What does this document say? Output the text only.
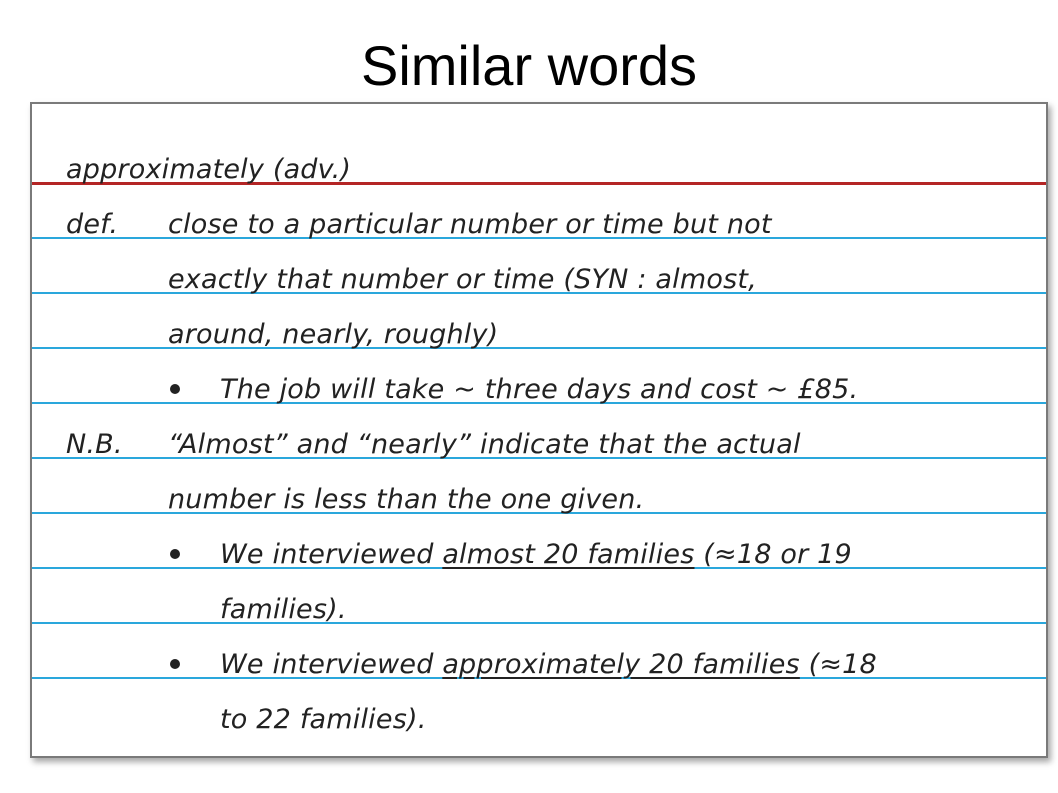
Similar words
approximately (adv.)
def. close to a particular number or time but not
exactly that number or time (SYN : almost,
around, nearly, roughly)
The job will take ~ three days and cost ~ £85.
N.B. “Almost” and “nearly” indicate that the actual
number is less than the one given.
We interviewed almost 20 families (≈18 or 19
families).
We interviewed approximately 20 families (≈18
to 22 families).
